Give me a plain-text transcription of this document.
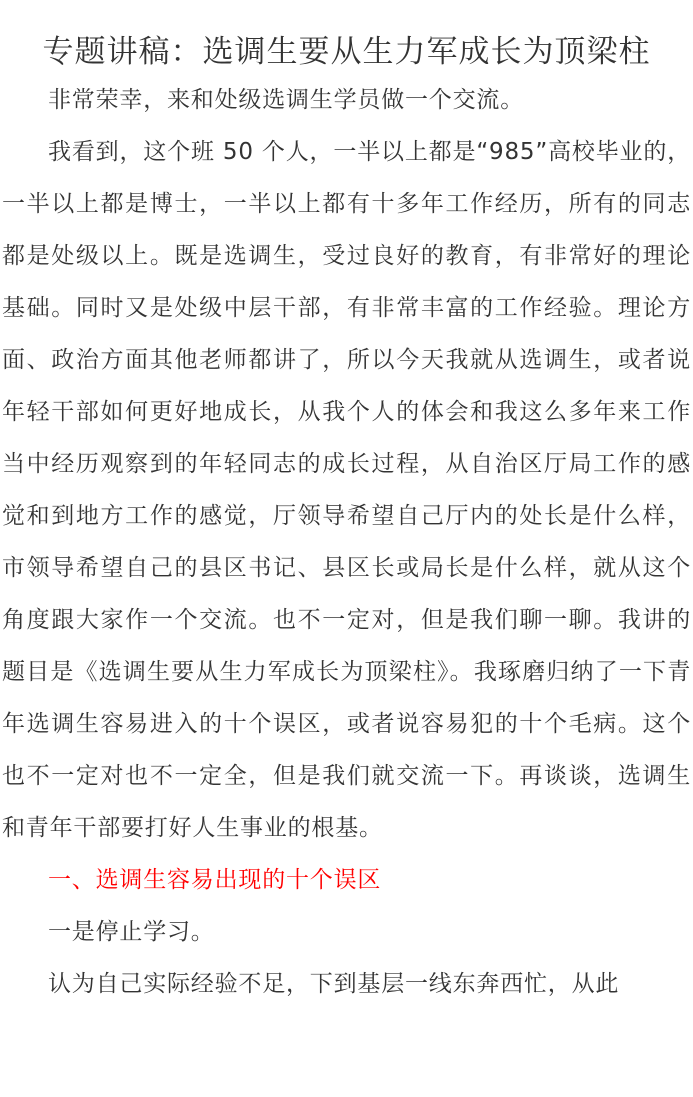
专题讲稿：选调生要从生力军成长为顶梁柱

非常荣幸，来和处级选调生学员做一个交流。

我看到，这个班 50 个人，一半以上都是“985”高校毕业的，一半以上都是博士，一半以上都有十多年工作经历，所有的同志都是处级以上。既是选调生，受过良好的教育，有非常好的理论基础。同时又是处级中层干部，有非常丰富的工作经验。理论方面、政治方面其他老师都讲了，所以今天我就从选调生，或者说年轻干部如何更好地成长，从我个人的体会和我这么多年来工作当中经历观察到的年轻同志的成长过程，从自治区厅局工作的感觉和到地方工作的感觉，厅领导希望自己厅内的处长是什么样，市领导希望自己的县区书记、县区长或局长是什么样，就从这个角度跟大家作一个交流。也不一定对，但是我们聊一聊。我讲的题目是《选调生要从生力军成长为顶梁柱》。我琢磨归纳了一下青年选调生容易进入的十个误区，或者说容易犯的十个毛病。这个也不一定对也不一定全，但是我们就交流一下。再谈谈，选调生和青年干部要打好人生事业的根基。

一、选调生容易出现的十个误区

一是停止学习。

认为自己实际经验不足，下到基层一线东奔西忙，从此
